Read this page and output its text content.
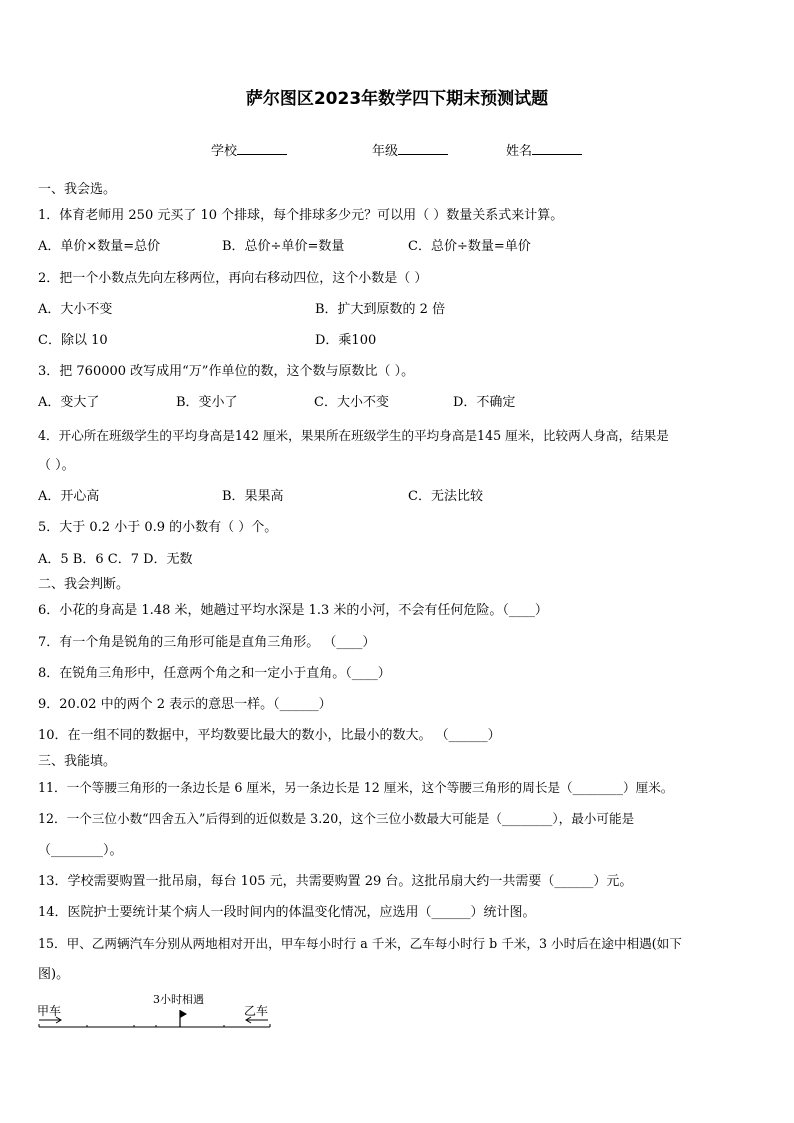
萨尔图区2023年数学四下期末预测试题
学校	年级	姓名
一、我会选。
1．体育老师用 250 元买了 10 个排球，每个排球多少元？可以用（ ）数量关系式来计算。
A．单价×数量=总价	B．总价÷单价=数量	C．总价÷数量=单价
2．把一个小数点先向左移两位，再向右移动四位，这个小数是（ ）
A．大小不变	B．扩大到原数的 2 倍
C．除以 10	D．乘100
3．把 760000 改写成用“万”作单位的数，这个数与原数比（ ）。
A．变大了	B．变小了	C．大小不变	D．不确定
4．开心所在班级学生的平均身高是142 厘米，果果所在班级学生的平均身高是145 厘米，比较两人身高，结果是
（ ）。
A．开心高	B．果果高	C．无法比较
5．大于 0.2 小于 0.9 的小数有（ ）个。
A．5 B．6 C．7 D．无数
二、我会判断。
6．小花的身高是 1.48 米，她趟过平均水深是 1.3 米的小河，不会有任何危险。（____）
7．有一个角是锐角的三角形可能是直角三角形。 （____）
8．在锐角三角形中，任意两个角之和一定小于直角。（____）
9．20.02 中的两个 2 表示的意思一样。（______）
10．在一组不同的数据中，平均数要比最大的数小，比最小的数大。 （______）
三、我能填。
11．一个等腰三角形的一条边长是 6 厘米，另一条边长是 12 厘米，这个等腰三角形的周长是（________）厘米。
12．一个三位小数“四舍五入”后得到的近似数是 3.20，这个三位小数最大可能是（________），最小可能是
（________）。
13．学校需要购置一批吊扇，每台 105 元，共需要购置 29 台。这批吊扇大约一共需要（______）元。
14．医院护士要统计某个病人一段时间内的体温变化情况，应选用（______）统计图。
15．甲、乙两辆汽车分别从两地相对开出，甲车每小时行 a 千米，乙车每小时行 b 千米，3 小时后在途中相遇(如下
图)。
3小时相遇
甲车	乙车
